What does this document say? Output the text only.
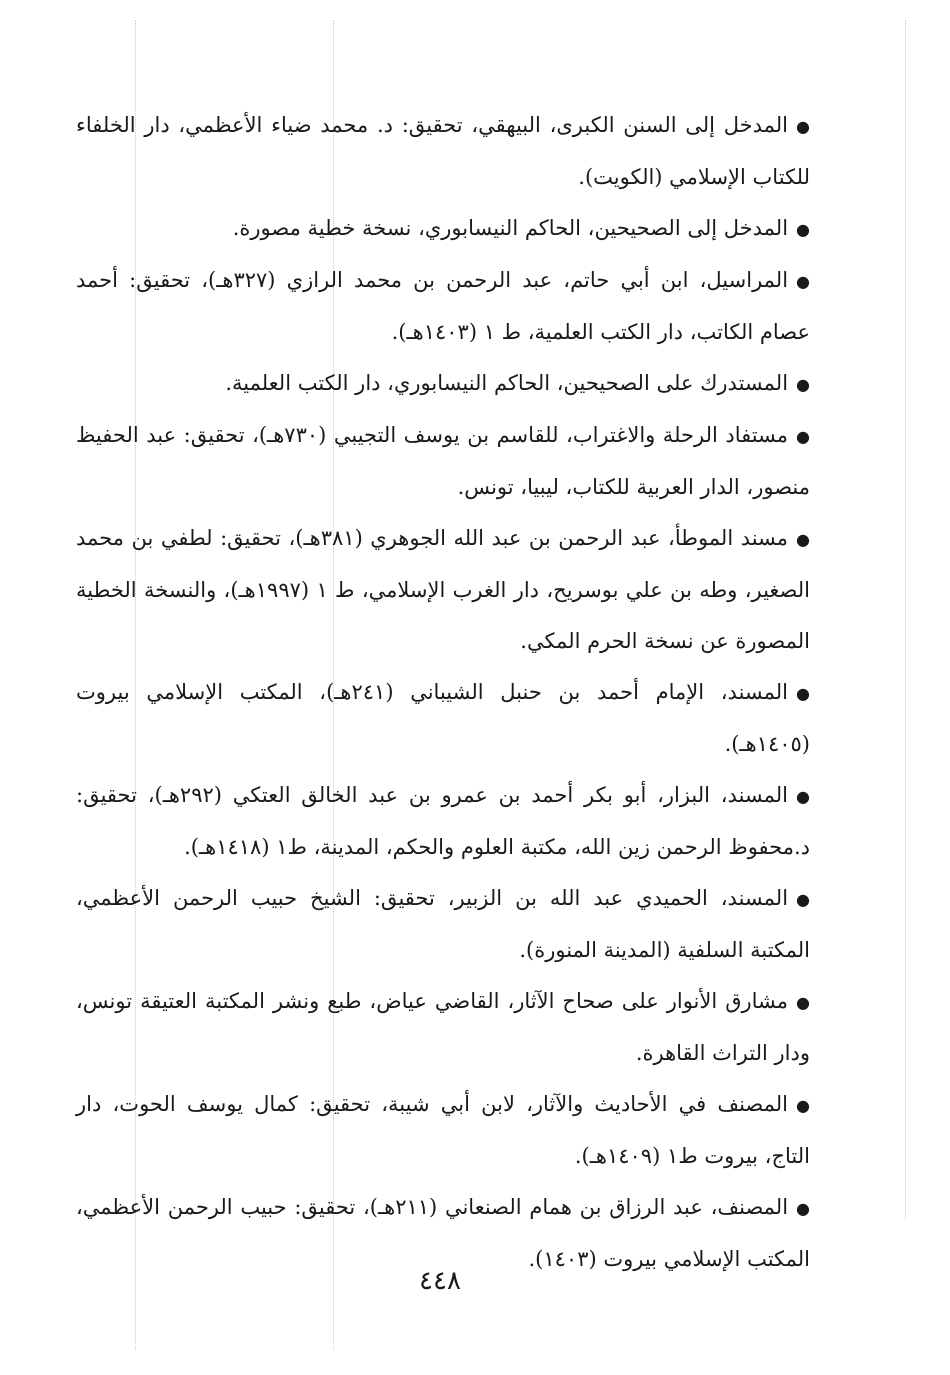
●المدخل إلى السنن الكبرى، البيهقي، تحقيق: د. محمد ضياء الأعظمي، دار الخلفاء للكتاب الإسلامي (الكويت).

●المدخل إلى الصحيحين، الحاكم النيسابوري، نسخة خطية مصورة.

●المراسيل، ابن أبي حاتم، عبد الرحمن بن محمد الرازي (٣٢٧هـ)، تحقيق: أحمد عصام الكاتب، دار الكتب العلمية، ط ١ (١٤٠٣هـ).

●المستدرك على الصحيحين، الحاكم النيسابوري، دار الكتب العلمية.

●مستفاد الرحلة والاغتراب، للقاسم بن يوسف التجيبي (٧٣٠هـ)، تحقيق: عبد الحفيظ منصور، الدار العربية للكتاب، ليبيا، تونس.

●مسند الموطأ، عبد الرحمن بن عبد الله الجوهري (٣٨١هـ)، تحقيق: لطفي بن محمد الصغير، وطه بن علي بوسريح، دار الغرب الإسلامي، ط ١ (١٩٩٧هـ)، والنسخة الخطية المصورة عن نسخة الحرم المكي.

●المسند، الإمام أحمد بن حنبل الشيباني (٢٤١هـ)، المكتب الإسلامي بيروت (١٤٠٥هـ).

●المسند، البزار، أبو بكر أحمد بن عمرو بن عبد الخالق العتكي (٢٩٢هـ)، تحقيق: د.محفوظ الرحمن زين الله، مكتبة العلوم والحكم، المدينة، ط١ (١٤١٨هـ).

●المسند، الحميدي عبد الله بن الزبير، تحقيق: الشيخ حبيب الرحمن الأعظمي، المكتبة السلفية (المدينة المنورة).

●مشارق الأنوار على صحاح الآثار، القاضي عياض، طبع ونشر المكتبة العتيقة تونس، ودار التراث القاهرة.

●المصنف في الأحاديث والآثار، لابن أبي شيبة، تحقيق: كمال يوسف الحوت، دار التاج، بيروت ط١ (١٤٠٩هـ).

●المصنف، عبد الرزاق بن همام الصنعاني (٢١١هـ)، تحقيق: حبيب الرحمن الأعظمي، المكتب الإسلامي بيروت (١٤٠٣).

٤٤٨
